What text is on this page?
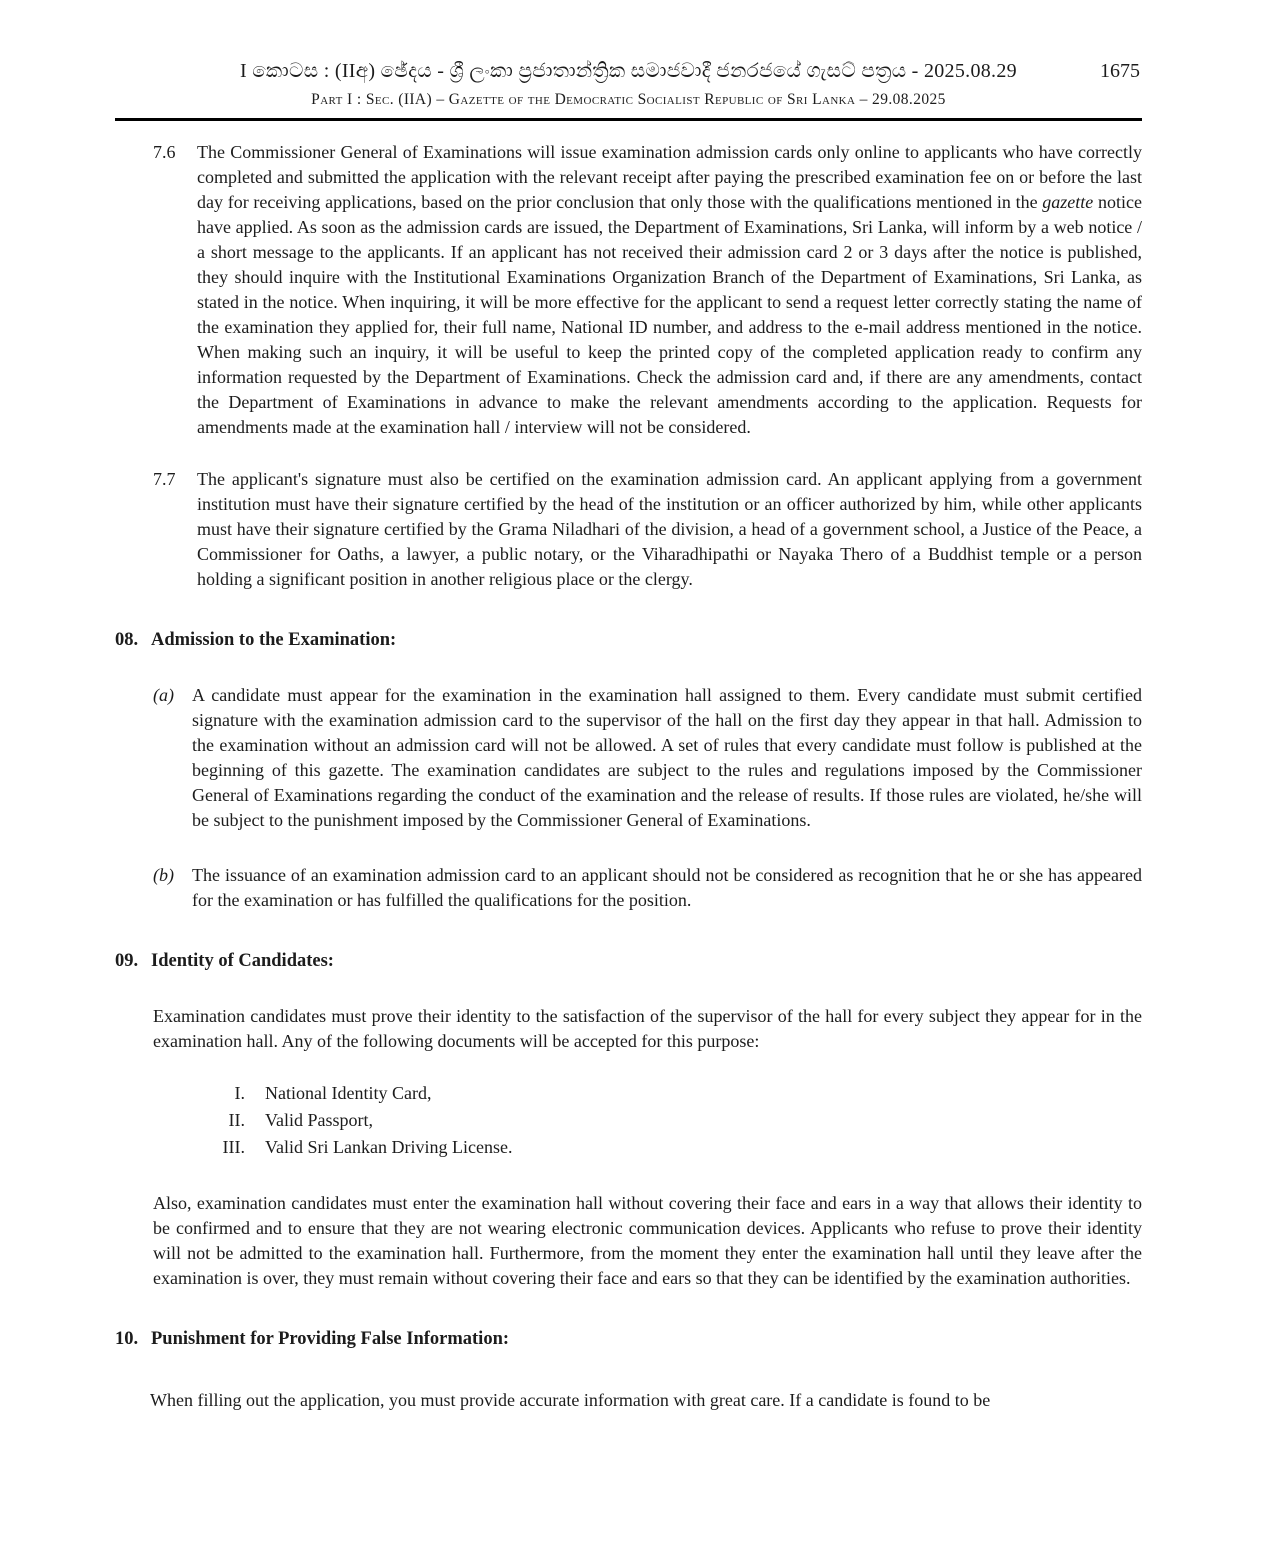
I කොටස : (IIඅ) ඡේදය - ශ්‍රී ලංකා ප්‍රජාතාන්ත්‍රික සමාජවාදී ජනරජයේ ගැසට් පත්‍රය - 2025.08.29	1675
Part I : Sec. (IIA) – Gazette of the Democratic Socialist Republic of Sri Lanka – 29.08.2025

7.6 The Commissioner General of Examinations will issue examination admission cards only online to applicants who have correctly completed and submitted the application with the relevant receipt after paying the prescribed examination fee on or before the last day for receiving applications, based on the prior conclusion that only those with the qualifications mentioned in the gazette notice have applied. As soon as the admission cards are issued, the Department of Examinations, Sri Lanka, will inform by a web notice / a short message to the applicants. If an applicant has not received their admission card 2 or 3 days after the notice is published, they should inquire with the Institutional Examinations Organization Branch of the Department of Examinations, Sri Lanka, as stated in the notice. When inquiring, it will be more effective for the applicant to send a request letter correctly stating the name of the examination they applied for, their full name, National ID number, and address to the e-mail address mentioned in the notice. When making such an inquiry, it will be useful to keep the printed copy of the completed application ready to confirm any information requested by the Department of Examinations. Check the admission card and, if there are any amendments, contact the Department of Examinations in advance to make the relevant amendments according to the application. Requests for amendments made at the examination hall / interview will not be considered.

7.7 The applicant's signature must also be certified on the examination admission card. An applicant applying from a government institution must have their signature certified by the head of the institution or an officer authorized by him, while other applicants must have their signature certified by the Grama Niladhari of the division, a head of a government school, a Justice of the Peace, a Commissioner for Oaths, a lawyer, a public notary, or the Viharadhipathi or Nayaka Thero of a Buddhist temple or a person holding a significant position in another religious place or the clergy.

08. Admission to the Examination:

(a) A candidate must appear for the examination in the examination hall assigned to them. Every candidate must submit certified signature with the examination admission card to the supervisor of the hall on the first day they appear in that hall. Admission to the examination without an admission card will not be allowed. A set of rules that every candidate must follow is published at the beginning of this gazette. The examination candidates are subject to the rules and regulations imposed by the Commissioner General of Examinations regarding the conduct of the examination and the release of results. If those rules are violated, he/she will be subject to the punishment imposed by the Commissioner General of Examinations.

(b) The issuance of an examination admission card to an applicant should not be considered as recognition that he or she has appeared for the examination or has fulfilled the qualifications for the position.

09. Identity of Candidates:

Examination candidates must prove their identity to the satisfaction of the supervisor of the hall for every subject they appear for in the examination hall. Any of the following documents will be accepted for this purpose:

I. National Identity Card,
II. Valid Passport,
III. Valid Sri Lankan Driving License.

Also, examination candidates must enter the examination hall without covering their face and ears in a way that allows their identity to be confirmed and to ensure that they are not wearing electronic communication devices. Applicants who refuse to prove their identity will not be admitted to the examination hall. Furthermore, from the moment they enter the examination hall until they leave after the examination is over, they must remain without covering their face and ears so that they can be identified by the examination authorities.

10. Punishment for Providing False Information:

When filling out the application, you must provide accurate information with great care. If a candidate is found to be
